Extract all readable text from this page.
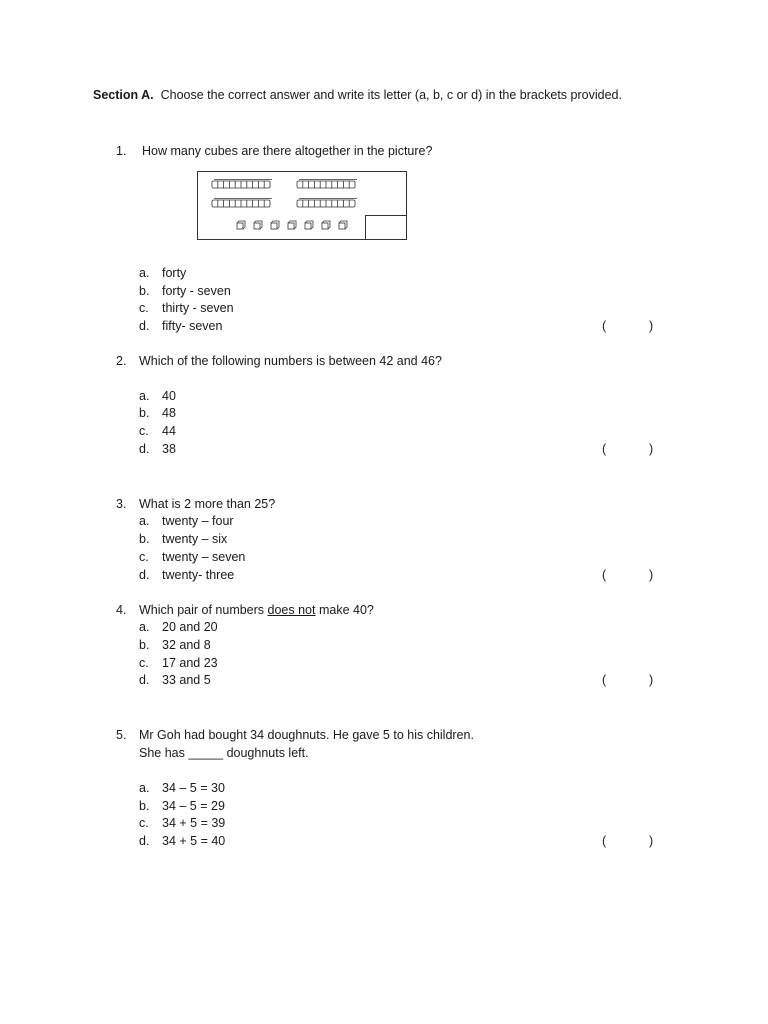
Section A. Choose the correct answer and write its letter (a, b, c or d) in the brackets provided.
1. How many cubes are there altogether in the picture?
a. forty
b. forty - seven
c. thirty - seven
d. fifty- seven	(	)
2. Which of the following numbers is between 42 and 46?
a. 40
b. 48
c. 44
d. 38	(	)
3. What is 2 more than 25?
a. twenty – four
b. twenty – six
c. twenty – seven
d. twenty- three	(	)
4. Which pair of numbers does not make 40?
a. 20 and 20
b. 32 and 8
c. 17 and 23
d. 33 and 5	(	)
5. Mr Goh had bought 34 doughnuts. He gave 5 to his children.
She has _____ doughnuts left.
a. 34 – 5 = 30
b. 34 – 5 = 29
c. 34 + 5 = 39
d. 34 + 5 = 40	(	)
